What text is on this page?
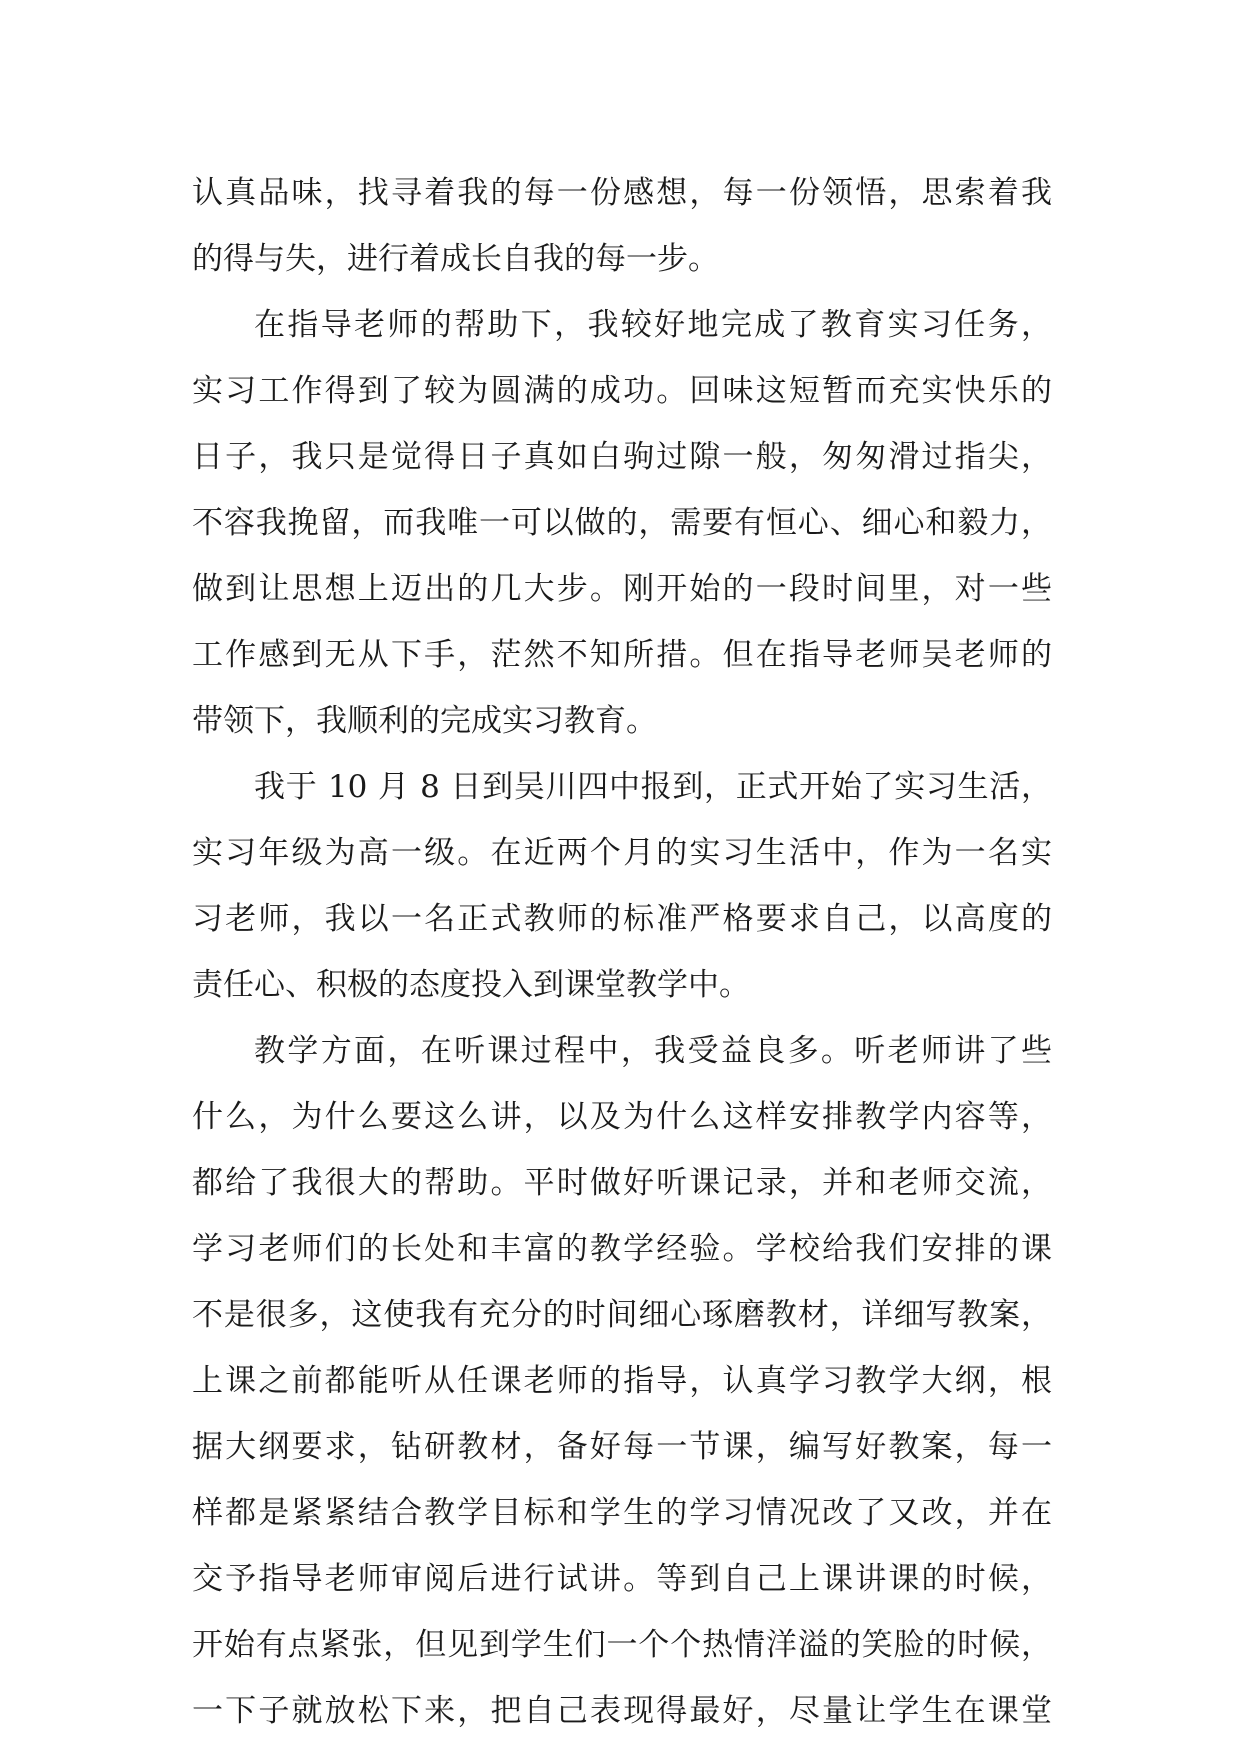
认真品味，找寻着我的每一份感想，每一份领悟，思索着我
的得与失，进行着成长自我的每一步。
在指导老师的帮助下，我较好地完成了教育实习任务，
实习工作得到了较为圆满的成功。回味这短暂而充实快乐的
日子，我只是觉得日子真如白驹过隙一般，匆匆滑过指尖，
不容我挽留，而我唯一可以做的，需要有恒心、细心和毅力，
做到让思想上迈出的几大步。刚开始的一段时间里，对一些
工作感到无从下手，茫然不知所措。但在指导老师吴老师的
带领下，我顺利的完成实习教育。
我于 10 月 8 日到吴川四中报到，正式开始了实习生活，
实习年级为高一级。在近两个月的实习生活中，作为一名实
习老师，我以一名正式教师的标准严格要求自己，以高度的
责任心、积极的态度投入到课堂教学中。
教学方面，在听课过程中，我受益良多。听老师讲了些
什么，为什么要这么讲，以及为什么这样安排教学内容等，
都给了我很大的帮助。平时做好听课记录，并和老师交流，
学习老师们的长处和丰富的教学经验。学校给我们安排的课
不是很多，这使我有充分的时间细心琢磨教材，详细写教案，
上课之前都能听从任课老师的指导，认真学习教学大纲，根
据大纲要求，钻研教材，备好每一节课，编写好教案，每一
样都是紧紧结合教学目标和学生的学习情况改了又改，并在
交予指导老师审阅后进行试讲。等到自己上课讲课的时候，
开始有点紧张，但见到学生们一个个热情洋溢的笑脸的时候，
一下子就放松下来，把自己表现得最好，尽量让学生在课堂
